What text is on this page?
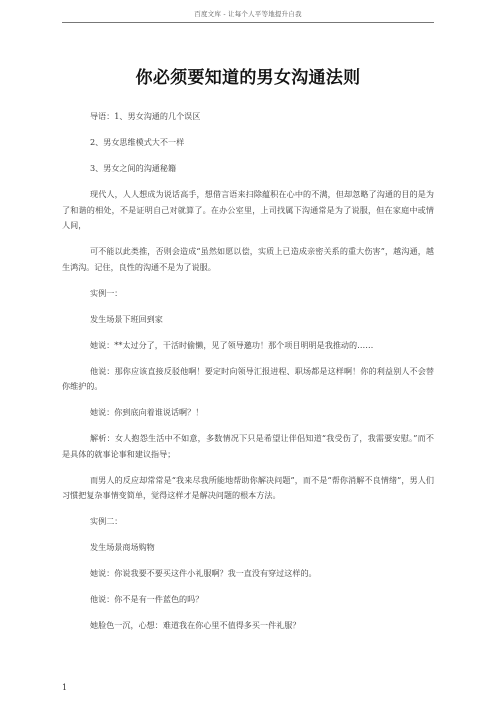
百度文库 - 让每个人平等地提升自我
你必须要知道的男女沟通法则

导语：1、男女沟通的几个误区

2、男女思维模式大不一样

3、男女之间的沟通秘籍

现代人，人人想成为说话高手，想借言语来扫除蕴积在心中的不满，但却忽略了沟通的目的是为了和谐的相处，不是证明自己对就算了。在办公室里，上司找属下沟通常是为了说服，但在家庭中或情人间，

可不能以此类推，否则会造成“虽然如愿以偿，实质上已造成亲密关系的重大伤害”，越沟通，越生鸿沟。记住，良性的沟通不是为了说服。

实例一：

发生场景下班回到家

她说：**太过分了，干活时偷懒，见了领导邀功！那个项目明明是我推动的……

他说：那你应该直接反驳他啊！要定时向领导汇报进程、职场都是这样啊！你的利益别人不会替你维护的。

她说：你到底向着谁说话啊？！

解析：女人抱怨生活中不如意，多数情况下只是希望让伴侣知道“我受伤了，我需要安慰。”而不是具体的就事论事和建议指导；

而男人的反应却常常是“我来尽我所能地帮助你解决问题”，而不是“帮你消解不良情绪”，男人们习惯把复杂事情变简单，觉得这样才是解决问题的根本方法。

实例二：

发生场景商场购物

她说：你说我要不要买这件小礼服啊？我一直没有穿过这样的。

他说：你不是有一件蓝色的吗？

她脸色一沉，心想：难道我在你心里不值得多买一件礼服？

1
